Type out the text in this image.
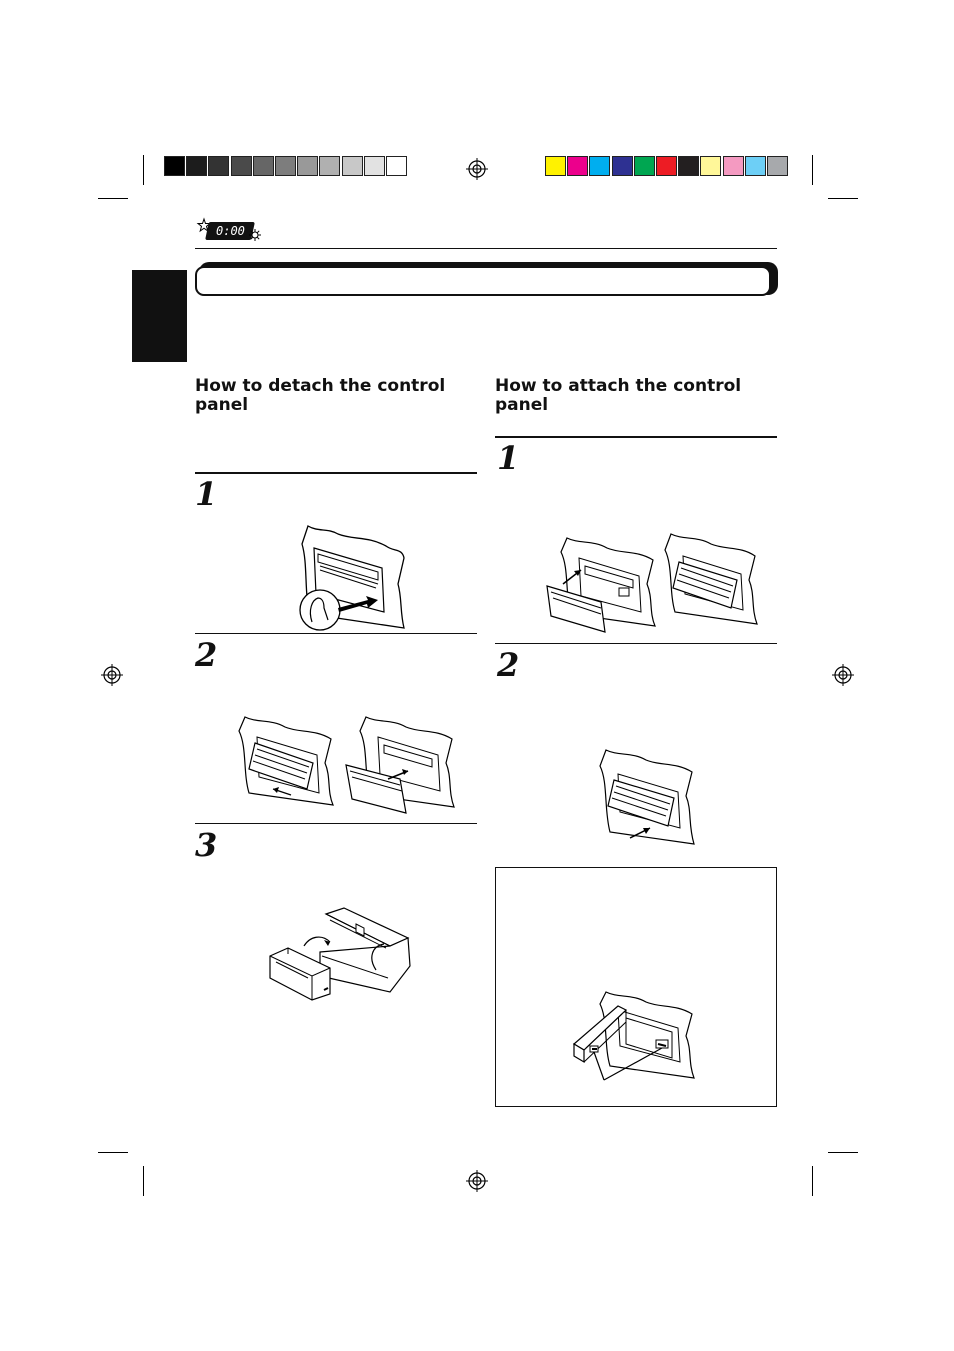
0:00
How to detach the control panel
1
2
3
How to attach the control panel
1
2
